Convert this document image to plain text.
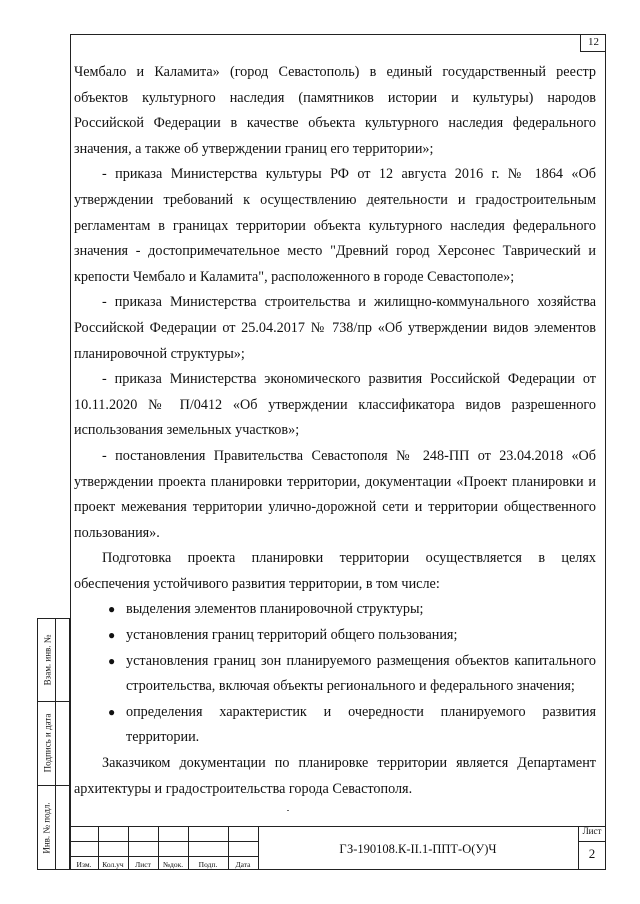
12

Чембало и Каламита» (город Севастополь) в единый государственный реестр объектов культурного наследия (памятников истории и культуры) народов Российской Федерации в качестве объекта культурного наследия федерального значения, а также об утверждении границ его территории»;

- приказа Министерства культуры РФ от 12 августа 2016 г. № 1864 «Об утверждении требований к осуществлению деятельности и градостроительным регламентам в границах территории объекта культурного наследия федерального значения - достопримечательное место "Древний город Херсонес Таврический и крепости Чембало и Каламита", расположенного в городе Севастополе»;

- приказа Министерства строительства и жилищно-коммунального хозяйства Российской Федерации от 25.04.2017 № 738/пр «Об утверждении видов элементов планировочной структуры»;

- приказа Министерства экономического развития Российской Федерации от 10.11.2020 № П/0412 «Об утверждении классификатора видов разрешенного использования земельных участков»;

- постановления Правительства Севастополя № 248-ПП от 23.04.2018 «Об утверждении проекта планировки территории, документации «Проект планировки и проект межевания территории улично-дорожной сети и территории общественного пользования».

Подготовка проекта планировки территории осуществляется в целях обеспечения устойчивого развития территории, в том числе:

● выделения элементов планировочной структуры;
● установления границ территорий общего пользования;
● установления границ зон планируемого размещения объектов капитального строительства, включая объекты регионального и федерального значения;
● определения характеристик и очередности планируемого развития территории.

Заказчиком документации по планировке территории является Департамент архитектуры и градостроительства города Севастополя.

Взам. инв. №
Подпись и дата
Инв. № подл.
Изм.	Кол.уч	Лист	№док.	Подп.	Дата
ГЗ-190108.К-II.1-ППТ-О(У)Ч
Лист
2
